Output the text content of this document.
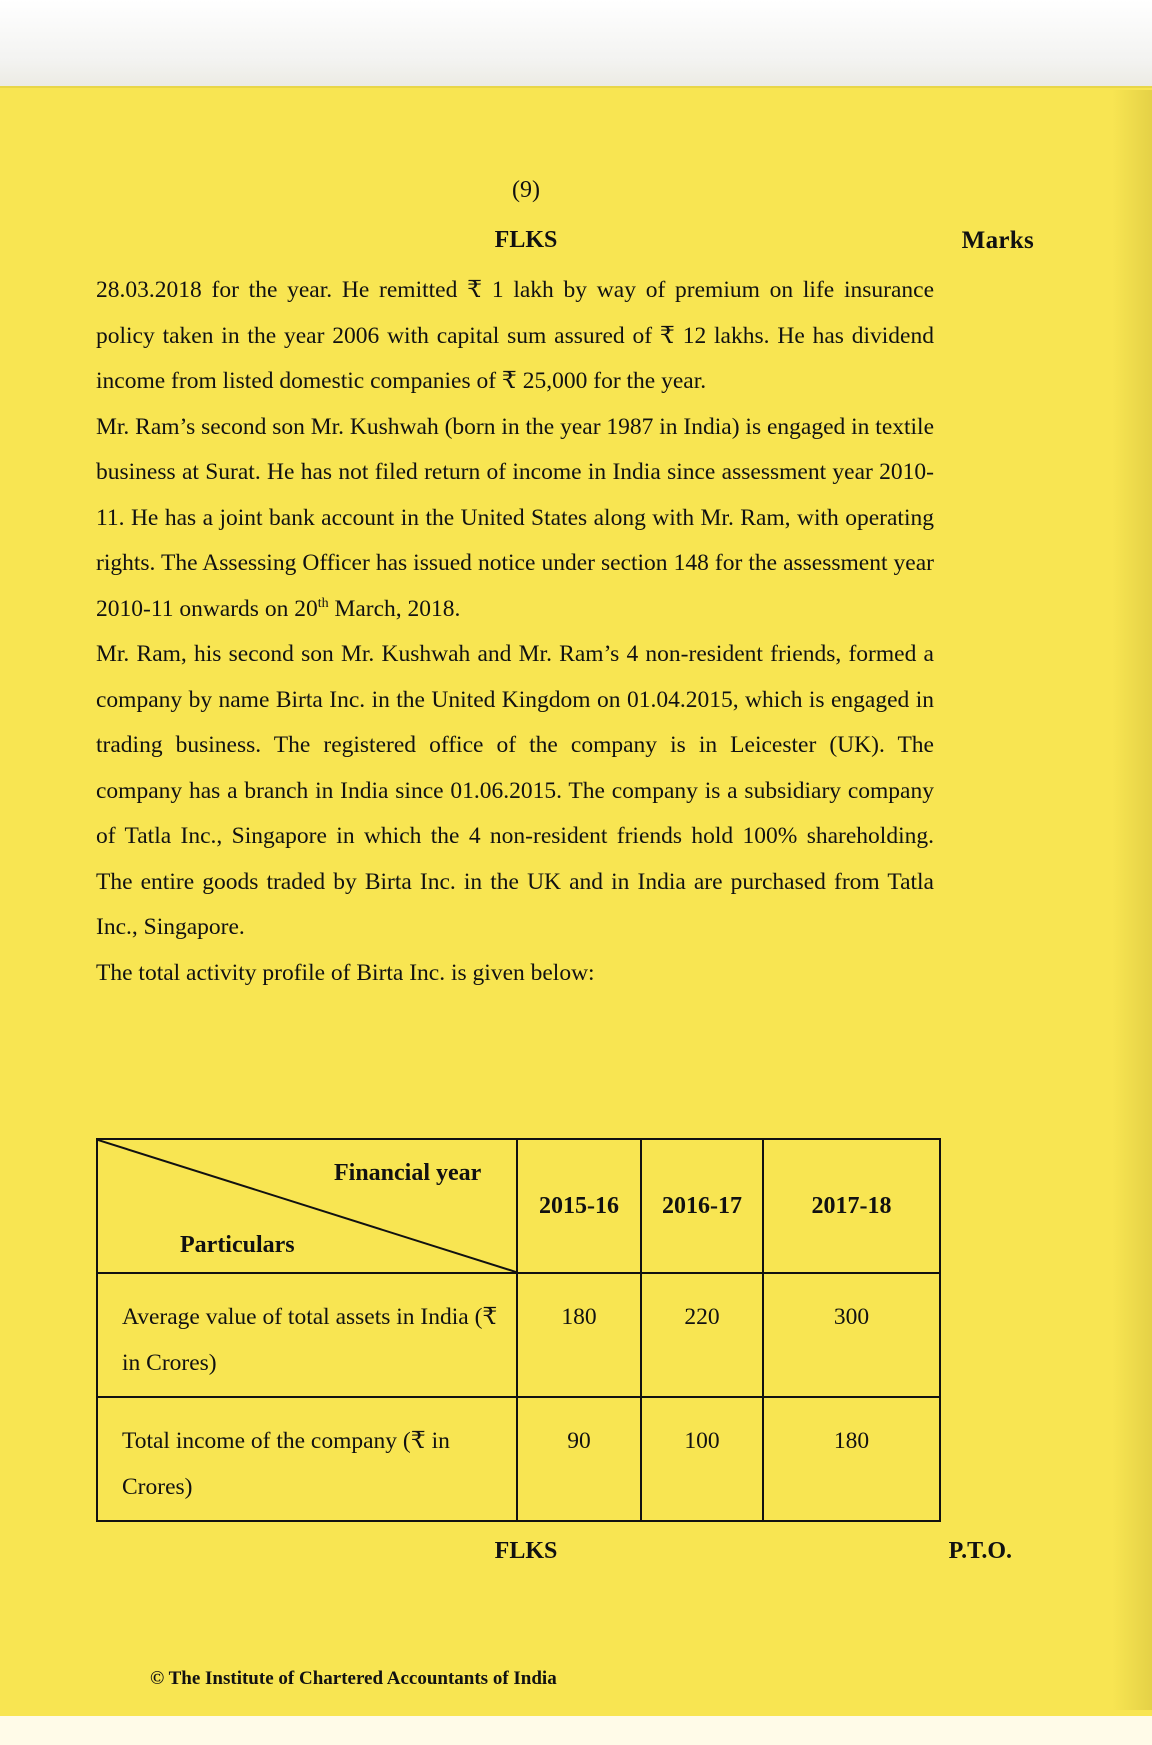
(9)
FLKS	Marks

28.03.2018 for the year. He remitted ₹ 1 lakh by way of premium on life insurance policy taken in the year 2006 with capital sum assured of ₹ 12 lakhs. He has dividend income from listed domestic companies of ₹ 25,000 for the year.

Mr. Ram’s second son Mr. Kushwah (born in the year 1987 in India) is engaged in textile business at Surat. He has not filed return of income in India since assessment year 2010-11. He has a joint bank account in the United States along with Mr. Ram, with operating rights. The Assessing Officer has issued notice under section 148 for the assessment year 2010-11 onwards on 20th March, 2018.

Mr. Ram, his second son Mr. Kushwah and Mr. Ram’s 4 non-resident friends, formed a company by name Birta Inc. in the United Kingdom on 01.04.2015, which is engaged in trading business. The registered office of the company is in Leicester (UK). The company has a branch in India since 01.06.2015. The company is a subsidiary company of Tatla Inc., Singapore in which the 4 non-resident friends hold 100% shareholding. The entire goods traded by Birta Inc. in the UK and in India are purchased from Tatla Inc., Singapore.

The total activity profile of Birta Inc. is given below:

Financial year
Particulars	2015-16	2016-17	2017-18
Average value of total assets in India (₹ in Crores)	180	220	300
Total income of the company (₹ in Crores)	90	100	180
FLKS	P.T.O.
© The Institute of Chartered Accountants of India
